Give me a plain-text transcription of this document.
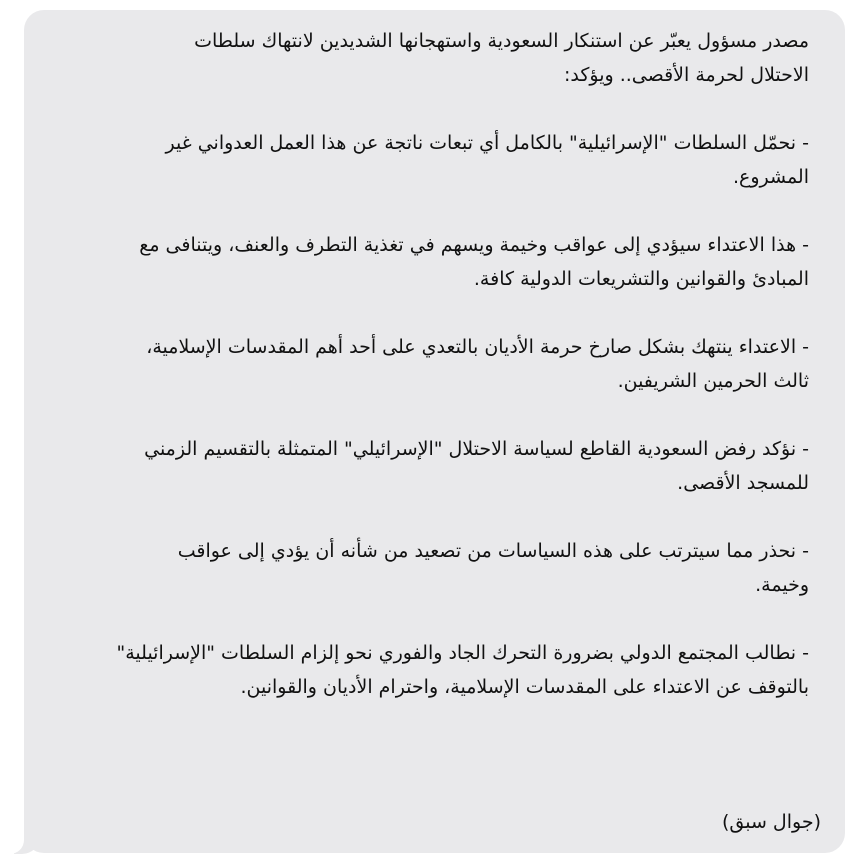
مصدر مسؤول يعبّر عن استنكار السعودية واستهجانها الشديدين لانتهاك سلطات
الاحتلال لحرمة الأقصى.. ويؤكد:

- نحمّل السلطات "الإسرائيلية" بالكامل أي تبعات ناتجة عن هذا العمل العدواني غير
المشروع.

- هذا الاعتداء سيؤدي إلى عواقب وخيمة ويسهم في تغذية التطرف والعنف، ويتنافى مع
المبادئ والقوانين والتشريعات الدولية كافة.

- الاعتداء ينتهك بشكل صارخ حرمة الأديان بالتعدي على أحد أهم المقدسات الإسلامية،
ثالث الحرمين الشريفين.

- نؤكد رفض السعودية القاطع لسياسة الاحتلال "الإسرائيلي" المتمثلة بالتقسيم الزمني
للمسجد الأقصى.

- نحذر مما سيترتب على هذه السياسات من تصعيد من شأنه أن يؤدي إلى عواقب
وخيمة.

- نطالب المجتمع الدولي بضرورة التحرك الجاد والفوري نحو إلزام السلطات "الإسرائيلية"
بالتوقف عن الاعتداء على المقدسات الإسلامية، واحترام الأديان والقوانين.

(جوال سبق)
